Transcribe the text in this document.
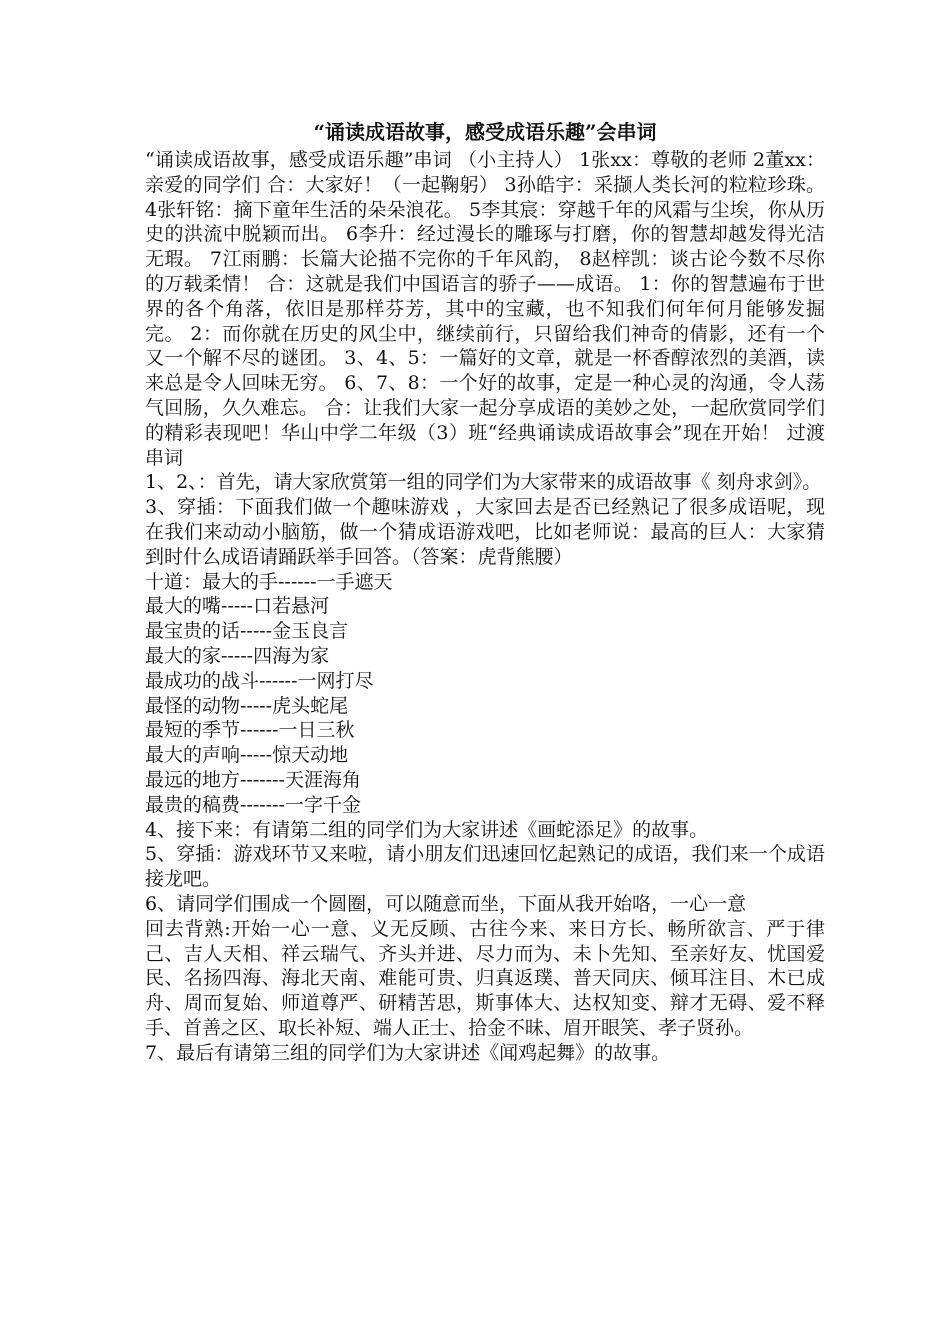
“诵读成语故事，感受成语乐趣”会串词

“诵读成语故事，感受成语乐趣”串词 （小主持人） 1张xx：尊敬的老师 2董xx：亲爱的同学们 合：大家好！（一起鞠躬） 3孙皓宇：采撷人类长河的粒粒珍珠。 4张轩铭：摘下童年生活的朵朵浪花。 5李其宸：穿越千年的风霜与尘埃，你从历史的洪流中脱颖而出。 6李升：经过漫长的雕琢与打磨，你的智慧却越发得光洁无瑕。 7江雨鹏：长篇大论描不完你的千年风韵， 8赵梓凯：谈古论今数不尽你的万载柔情！ 合：这就是我们中国语言的骄子——成语。 1：你的智慧遍布于世界的各个角落，依旧是那样芬芳，其中的宝藏，也不知我们何年何月能够发掘完。 2：而你就在历史的风尘中，继续前行，只留给我们神奇的倩影，还有一个又一个解不尽的谜团。 3、4、5：一篇好的文章，就是一杯香醇浓烈的美酒，读来总是令人回味无穷。 6、7、8：一个好的故事，定是一种心灵的沟通，令人荡气回肠，久久难忘。 合：让我们大家一起分享成语的美妙之处，一起欣赏同学们的精彩表现吧！华山中学二年级（3）班“经典诵读成语故事会”现在开始！ 过渡串词

1、2、：首先，请大家欣赏第一组的同学们为大家带来的成语故事《 刻舟求剑》。

3、穿插：下面我们做一个趣味游戏 ，大家回去是否已经熟记了很多成语呢，现在我们来动动小脑筋，做一个猜成语游戏吧，比如老师说：最高的巨人：大家猜到时什么成语请踊跃举手回答。（答案：虎背熊腰）

十道：最大的手------一手遮天
最大的嘴-----口若悬河
最宝贵的话-----金玉良言
最大的家-----四海为家
最成功的战斗------一网打尽
最怪的动物-----虎头蛇尾
最短的季节------一日三秋
最大的声响-----惊天动地
最远的地方-------天涯海角
最贵的稿费-------一字千金

4、接下来：有请第二组的同学们为大家讲述《画蛇添足》的故事。

5、穿插：游戏环节又来啦，请小朋友们迅速回忆起熟记的成语，我们来一个成语接龙吧。

6、请同学们围成一个圆圈，可以随意而坐，下面从我开始咯，一心一意

回去背熟:开始一心一意、义无反顾、古往今来、来日方长、畅所欲言、严于律己、吉人天相、祥云瑞气、齐头并进、尽力而为、未卜先知、至亲好友、忧国爱民、名扬四海、海北天南、难能可贵、归真返璞、普天同庆、倾耳注目、木已成舟、周而复始、师道尊严、研精苦思，斯事体大、达权知变、辩才无碍、爱不释手、首善之区、取长补短、端人正士、拾金不昧、眉开眼笑、孝子贤孙。

7、最后有请第三组的同学们为大家讲述《闻鸡起舞》的故事。
